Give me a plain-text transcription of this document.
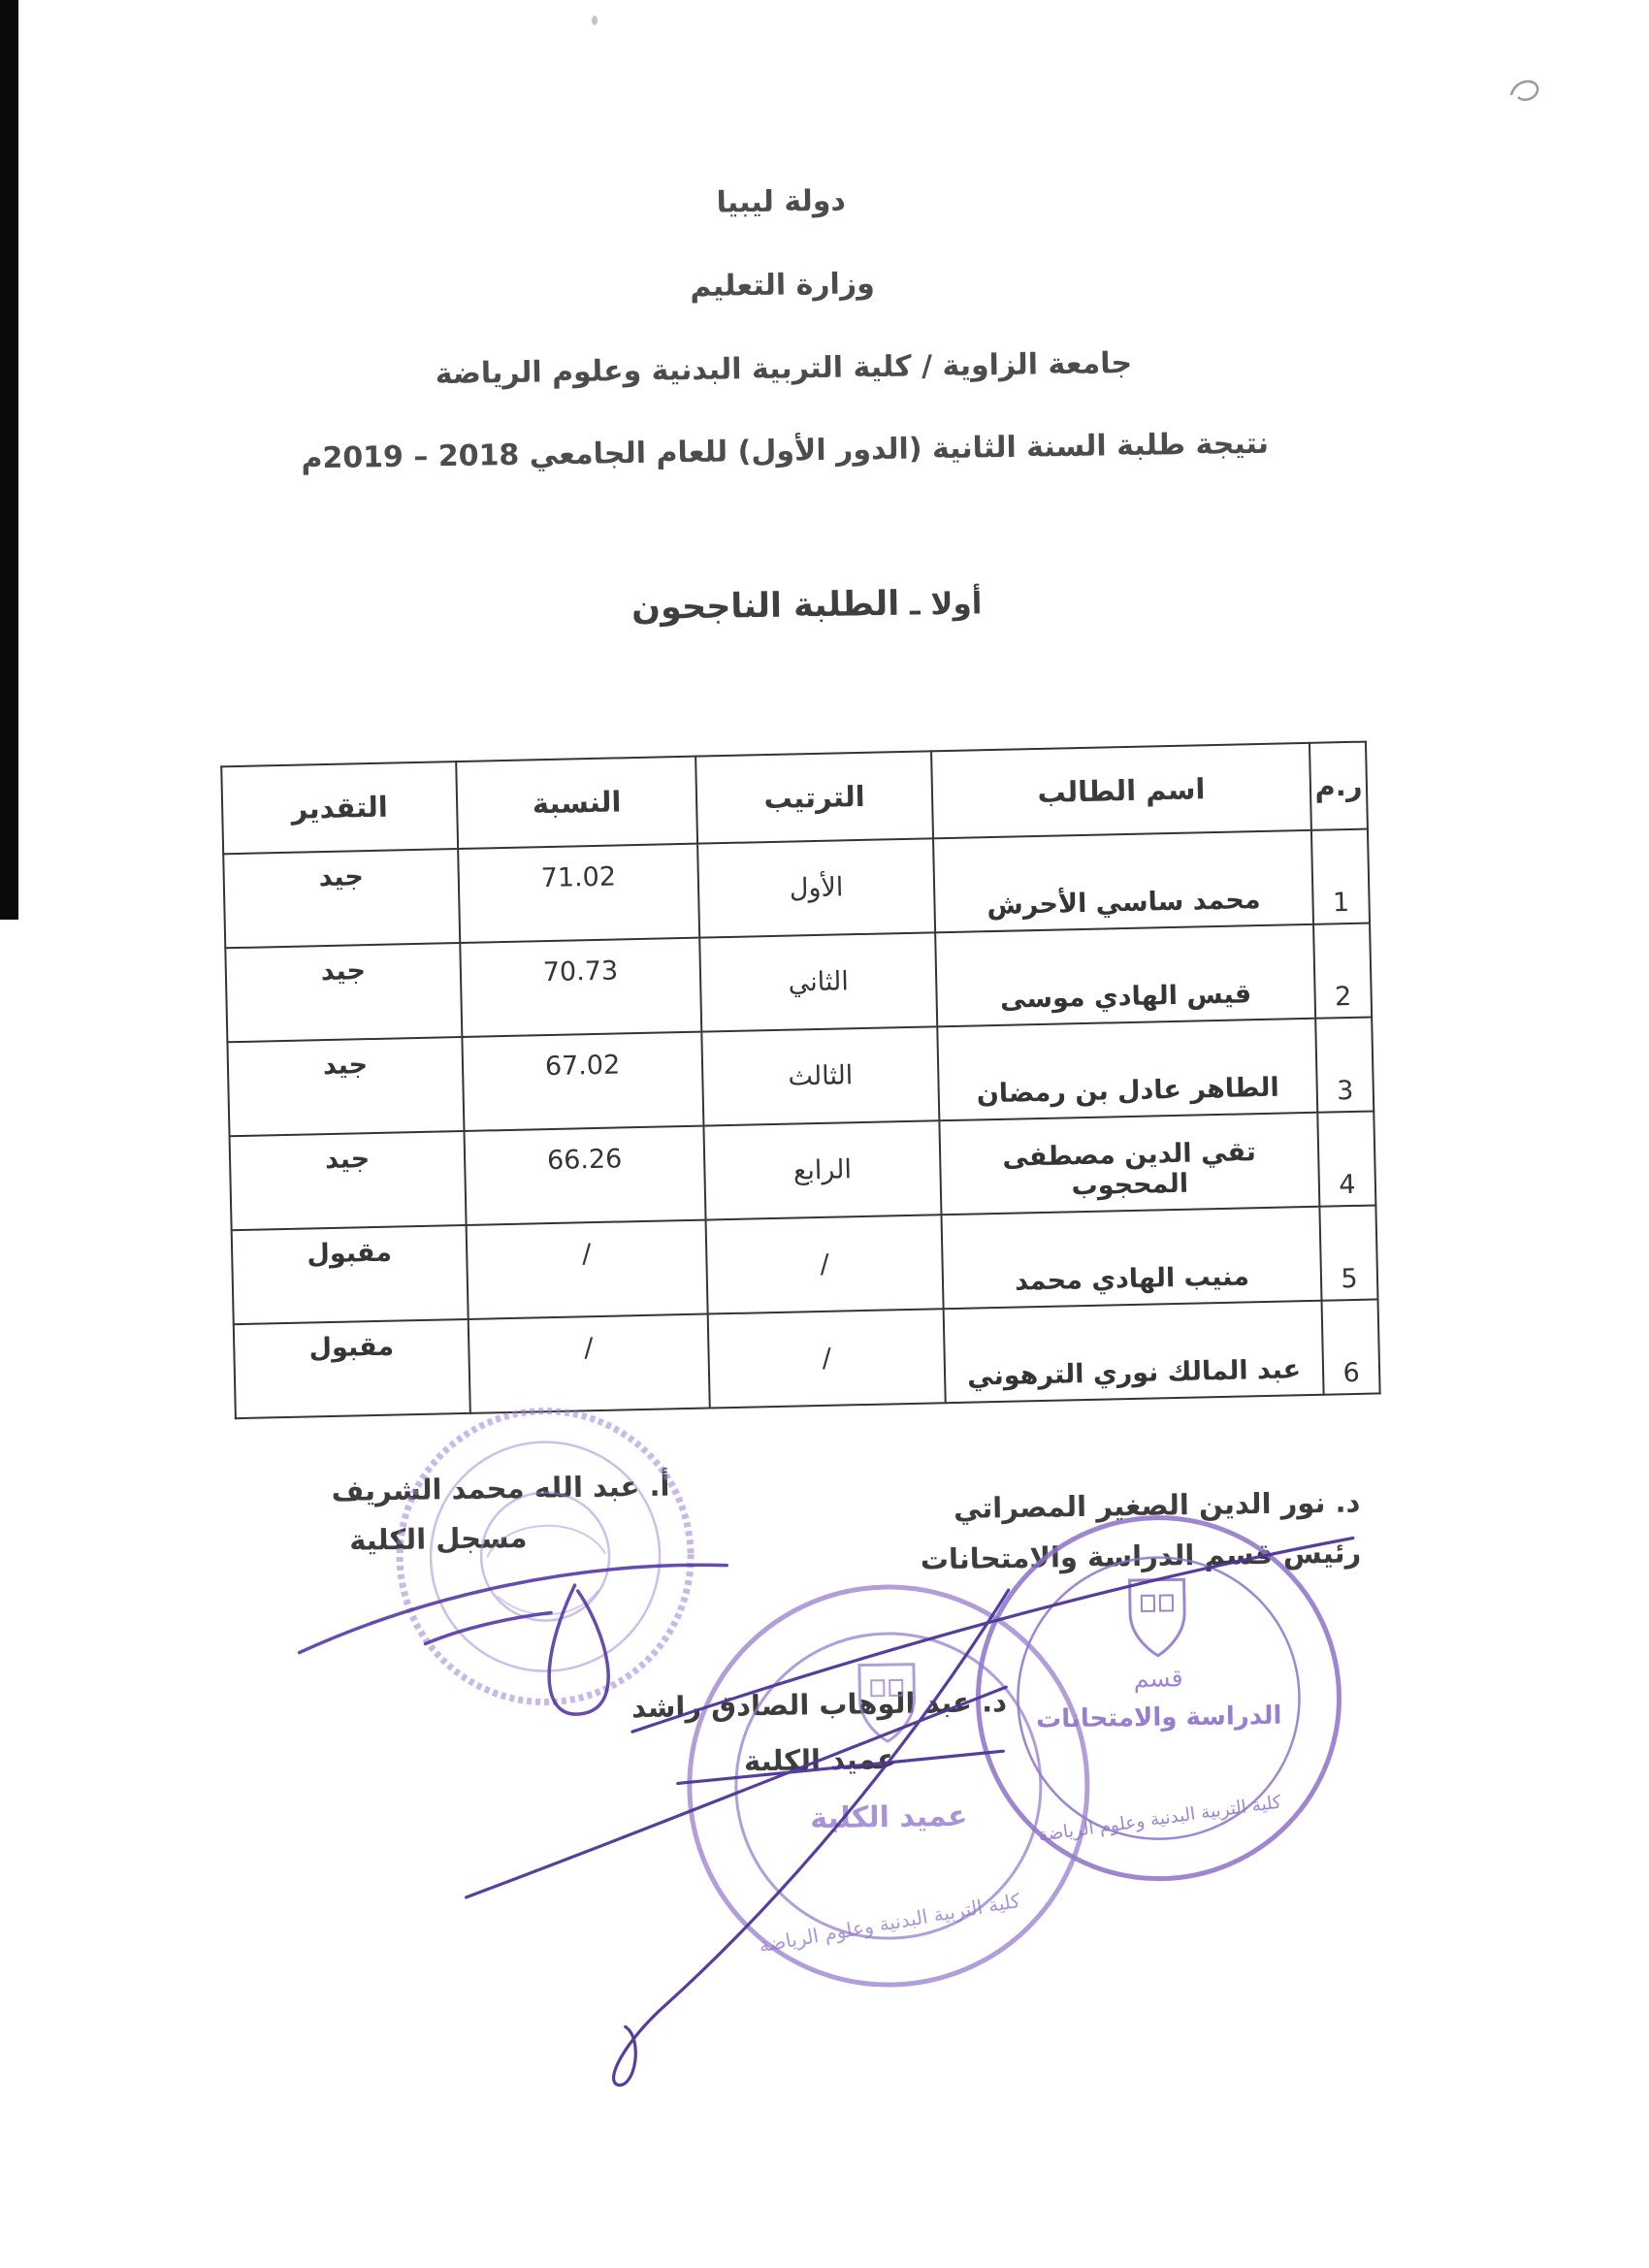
دولة ليبيا
وزارة التعليم
جامعة الزاوية / كلية التربية البدنية وعلوم الرياضة
نتيجة طلبة السنة الثانية (الدور الأول) للعام الجامعي 2018 – 2019م
أولا ـ الطلبة الناجحون
ر.م	اسم الطالب	الترتيب	النسبة	التقدير
1	محمد ساسي الأحرش	الأول	71.02	جيد
2	قيس الهادي موسى	الثاني	70.73	جيد
3	الطاهر عادل بن رمضان	الثالث	67.02	جيد
4	تقي الدين مصطفى المحجوب	الرابع	66.26	جيد
5	منيب الهادي محمد	/	/	مقبول
6	عبد المالك نوري الترهوني	/	/	مقبول
أ. عبد الله محمد الشريف
مسجل الكلية
د. نور الدين الصغير المصراتي
رئيس قسم الدراسة والامتحانات
د. عبد الوهاب الصادق راشد
عميد الكلية
قسم
الدراسة والامتحانات
كلية التربية البدنية وعلوم الرياضة
عميد الكلية
كلية التربية البدنية وعلوم الرياضة
